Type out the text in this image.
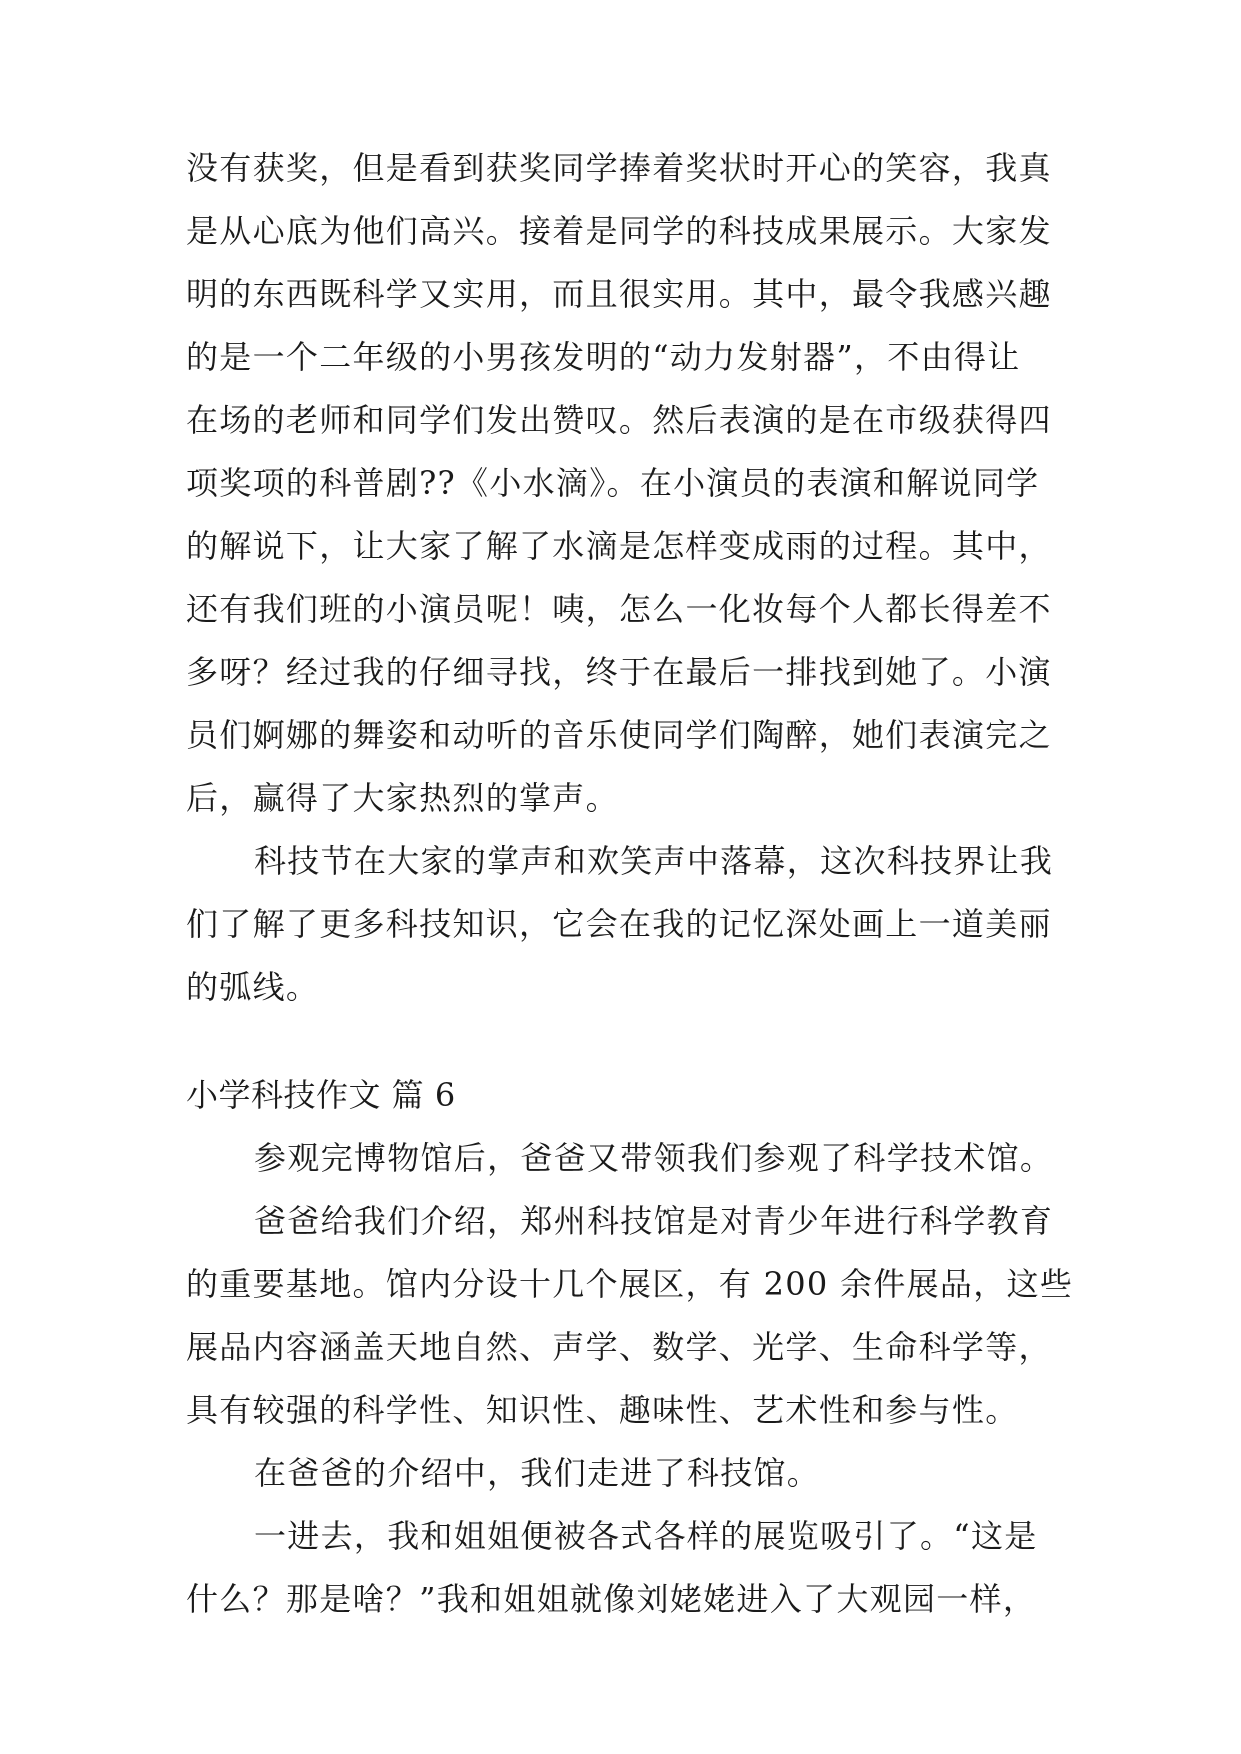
没有获奖，但是看到获奖同学捧着奖状时开心的笑容，我真
是从心底为他们高兴。接着是同学的科技成果展示。大家发
明的东西既科学又实用，而且很实用。其中，最令我感兴趣
的是一个二年级的小男孩发明的“动力发射器”，不由得让
在场的老师和同学们发出赞叹。然后表演的是在市级获得四
项奖项的科普剧??《小水滴》。在小演员的表演和解说同学
的解说下，让大家了解了水滴是怎样变成雨的过程。其中，
还有我们班的小演员呢！咦，怎么一化妆每个人都长得差不
多呀？经过我的仔细寻找，终于在最后一排找到她了。小演
员们婀娜的舞姿和动听的音乐使同学们陶醉，她们表演完之
后，赢得了大家热烈的掌声。
科技节在大家的掌声和欢笑声中落幕，这次科技界让我
们了解了更多科技知识，它会在我的记忆深处画上一道美丽
的弧线。
小学科技作文 篇 6
参观完博物馆后，爸爸又带领我们参观了科学技术馆。
爸爸给我们介绍，郑州科技馆是对青少年进行科学教育
的重要基地。馆内分设十几个展区，有 200 余件展品，这些
展品内容涵盖天地自然、声学、数学、光学、生命科学等，
具有较强的科学性、知识性、趣味性、艺术性和参与性。
在爸爸的介绍中，我们走进了科技馆。
一进去，我和姐姐便被各式各样的展览吸引了。“这是
什么？那是啥？”我和姐姐就像刘姥姥进入了大观园一样，
